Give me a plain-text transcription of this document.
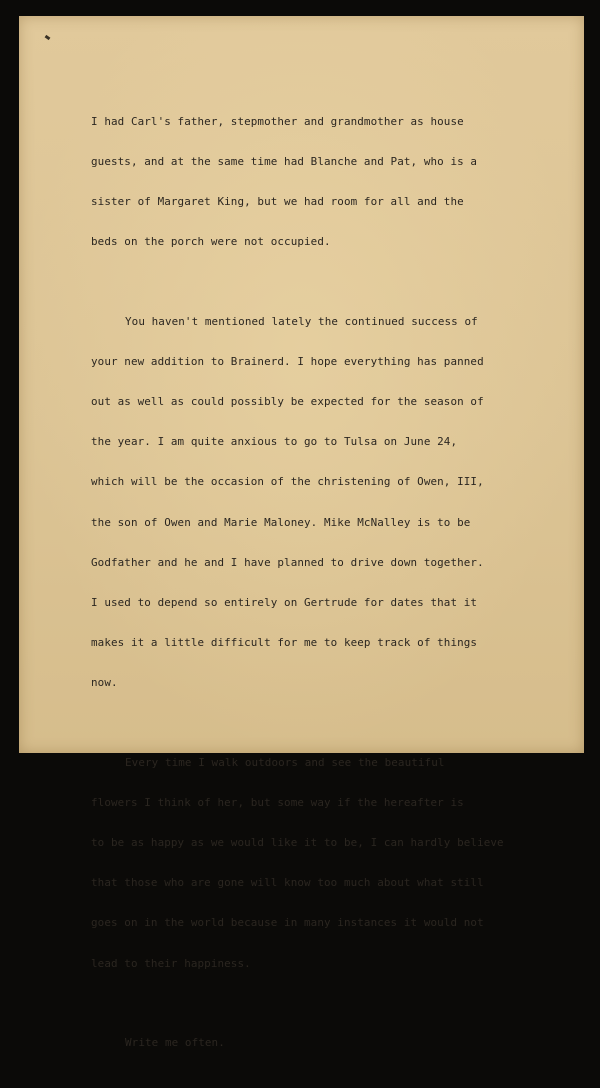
I had Carl's father, stepmother and grandmother as house

guests, and at the same time had Blanche and Pat, who is a

sister of Margaret King, but we had room for all and the

beds on the porch were not occupied.

You haven't mentioned lately the continued success of

your new addition to Brainerd. I hope everything has panned

out as well as could possibly be expected for the season of

the year. I am quite anxious to go to Tulsa on June 24,

which will be the occasion of the christening of Owen, III,

the son of Owen and Marie Maloney. Mike McNalley is to be

Godfather and he and I have planned to drive down together.

I used to depend so entirely on Gertrude for dates that it

makes it a little difficult for me to keep track of things

now.

Every time I walk outdoors and see the beautiful

flowers I think of her, but some way if the hereafter is

to be as happy as we would like it to be, I can hardly believe

that those who are gone will know too much about what still

goes on in the world because in many instances it would not

lead to their happiness.

Write me often.
